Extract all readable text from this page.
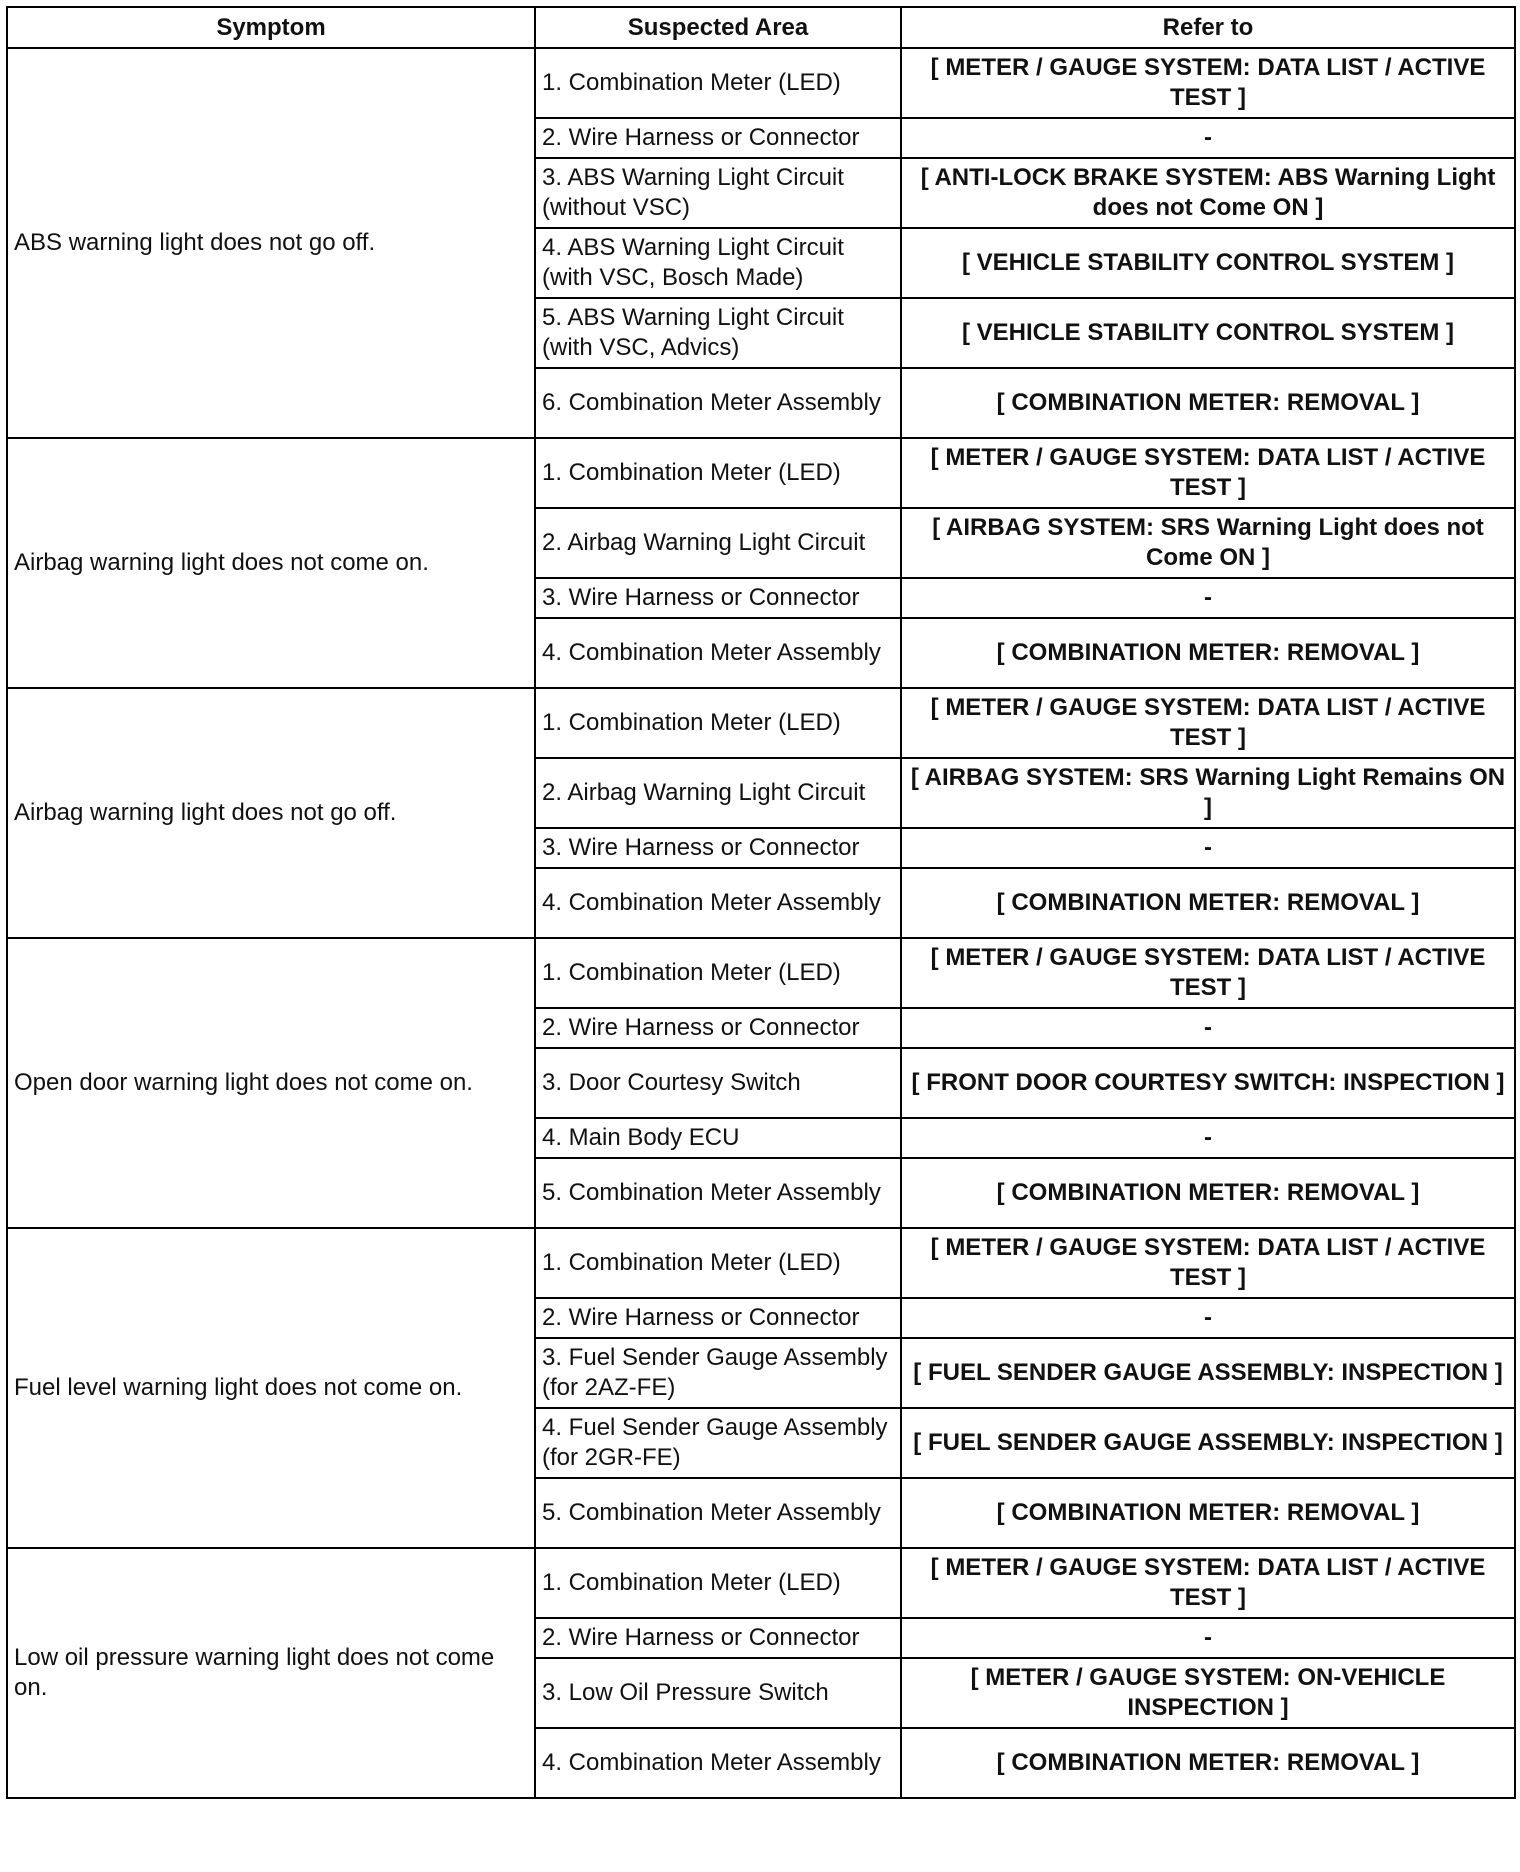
Symptom	Suspected Area	Refer to
ABS warning light does not go off.	1. Combination Meter (LED)	[ METER / GAUGE SYSTEM: DATA LIST / ACTIVE TEST ]
	2. Wire Harness or Connector	-
	3. ABS Warning Light Circuit (without VSC)	[ ANTI-LOCK BRAKE SYSTEM: ABS Warning Light does not Come ON ]
	4. ABS Warning Light Circuit (with VSC, Bosch Made)	[ VEHICLE STABILITY CONTROL SYSTEM ]
	5. ABS Warning Light Circuit (with VSC, Advics)	[ VEHICLE STABILITY CONTROL SYSTEM ]
	6. Combination Meter Assembly	[ COMBINATION METER: REMOVAL ]
Airbag warning light does not come on.	1. Combination Meter (LED)	[ METER / GAUGE SYSTEM: DATA LIST / ACTIVE TEST ]
	2. Airbag Warning Light Circuit	[ AIRBAG SYSTEM: SRS Warning Light does not Come ON ]
	3. Wire Harness or Connector	-
	4. Combination Meter Assembly	[ COMBINATION METER: REMOVAL ]
Airbag warning light does not go off.	1. Combination Meter (LED)	[ METER / GAUGE SYSTEM: DATA LIST / ACTIVE TEST ]
	2. Airbag Warning Light Circuit	[ AIRBAG SYSTEM: SRS Warning Light Remains ON ]
	3. Wire Harness or Connector	-
	4. Combination Meter Assembly	[ COMBINATION METER: REMOVAL ]
Open door warning light does not come on.	1. Combination Meter (LED)	[ METER / GAUGE SYSTEM: DATA LIST / ACTIVE TEST ]
	2. Wire Harness or Connector	-
	3. Door Courtesy Switch	[ FRONT DOOR COURTESY SWITCH: INSPECTION ]
	4. Main Body ECU	-
	5. Combination Meter Assembly	[ COMBINATION METER: REMOVAL ]
Fuel level warning light does not come on.	1. Combination Meter (LED)	[ METER / GAUGE SYSTEM: DATA LIST / ACTIVE TEST ]
	2. Wire Harness or Connector	-
	3. Fuel Sender Gauge Assembly (for 2AZ-FE)	[ FUEL SENDER GAUGE ASSEMBLY: INSPECTION ]
	4. Fuel Sender Gauge Assembly (for 2GR-FE)	[ FUEL SENDER GAUGE ASSEMBLY: INSPECTION ]
	5. Combination Meter Assembly	[ COMBINATION METER: REMOVAL ]
Low oil pressure warning light does not come on.	1. Combination Meter (LED)	[ METER / GAUGE SYSTEM: DATA LIST / ACTIVE TEST ]
	2. Wire Harness or Connector	-
	3. Low Oil Pressure Switch	[ METER / GAUGE SYSTEM: ON-VEHICLE INSPECTION ]
	4. Combination Meter Assembly	[ COMBINATION METER: REMOVAL ]
